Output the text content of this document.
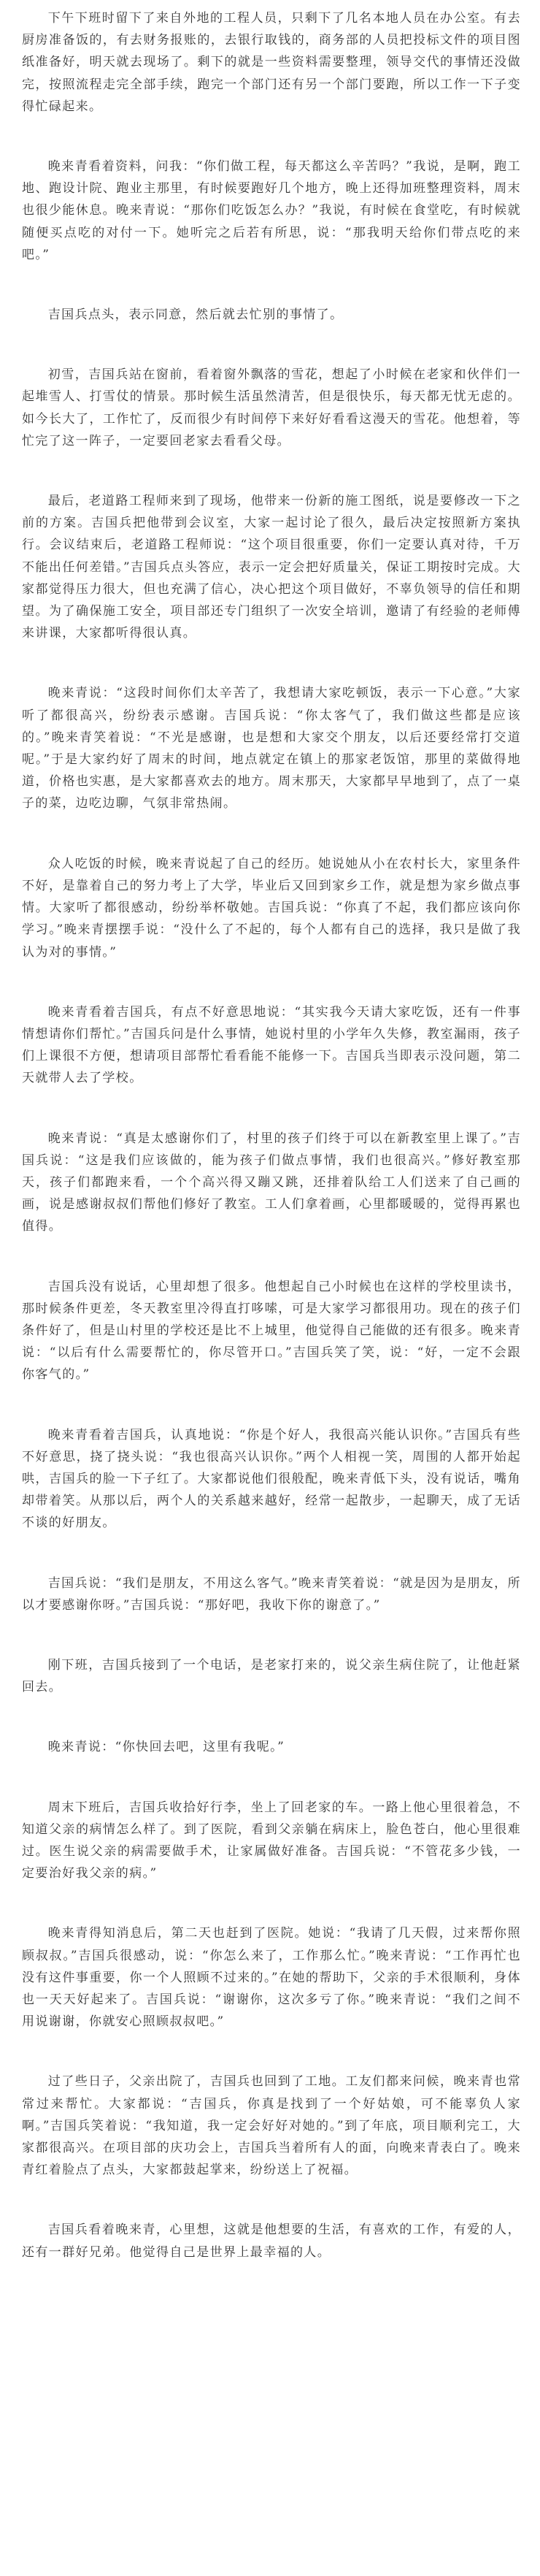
下午下班时留下了来自外地的工程人员，只剩下了几名本地人员在办公室。有去厨房准备饭的，有去财务报账的，去银行取钱的，商务部的人员把投标文件的项目图纸准备好，明天就去现场了。剩下的就是一些资料需要整理，领导交代的事情还没做完，按照流程走完全部手续，跑完一个部门还有另一个部门要跑，所以工作一下子变得忙碌起来。

晚来青看着资料，问我：“你们做工程，每天都这么辛苦吗？”我说，是啊，跑工地、跑设计院、跑业主那里，有时候要跑好几个地方，晚上还得加班整理资料，周末也很少能休息。晚来青说：“那你们吃饭怎么办？”我说，有时候在食堂吃，有时候就随便买点吃的对付一下。她听完之后若有所思，说：“那我明天给你们带点吃的来吧。”

吉国兵点头，表示同意，然后就去忙别的事情了。

初雪，吉国兵站在窗前，看着窗外飘落的雪花，想起了小时候在老家和伙伴们一起堆雪人、打雪仗的情景。那时候生活虽然清苦，但是很快乐，每天都无忧无虑的。如今长大了，工作忙了，反而很少有时间停下来好好看看这漫天的雪花。他想着，等忙完了这一阵子，一定要回老家去看看父母。

最后，老道路工程师来到了现场，他带来一份新的施工图纸，说是要修改一下之前的方案。吉国兵把他带到会议室，大家一起讨论了很久，最后决定按照新方案执行。会议结束后，老道路工程师说：“这个项目很重要，你们一定要认真对待，千万不能出任何差错。”吉国兵点头答应，表示一定会把好质量关，保证工期按时完成。大家都觉得压力很大，但也充满了信心，决心把这个项目做好，不辜负领导的信任和期望。为了确保施工安全，项目部还专门组织了一次安全培训，邀请了有经验的老师傅来讲课，大家都听得很认真。

晚来青说：“这段时间你们太辛苦了，我想请大家吃顿饭，表示一下心意。”大家听了都很高兴，纷纷表示感谢。吉国兵说：“你太客气了，我们做这些都是应该的。”晚来青笑着说：“不光是感谢，也是想和大家交个朋友，以后还要经常打交道呢。”于是大家约好了周末的时间，地点就定在镇上的那家老饭馆，那里的菜做得地道，价格也实惠，是大家都喜欢去的地方。周末那天，大家都早早地到了，点了一桌子的菜，边吃边聊，气氛非常热闹。

众人吃饭的时候，晚来青说起了自己的经历。她说她从小在农村长大，家里条件不好，是靠着自己的努力考上了大学，毕业后又回到家乡工作，就是想为家乡做点事情。大家听了都很感动，纷纷举杯敬她。吉国兵说：“你真了不起，我们都应该向你学习。”晚来青摆摆手说：“没什么了不起的，每个人都有自己的选择，我只是做了我认为对的事情。”

晚来青看着吉国兵，有点不好意思地说：“其实我今天请大家吃饭，还有一件事情想请你们帮忙。”吉国兵问是什么事情，她说村里的小学年久失修，教室漏雨，孩子们上课很不方便，想请项目部帮忙看看能不能修一下。吉国兵当即表示没问题，第二天就带人去了学校。

晚来青说：“真是太感谢你们了，村里的孩子们终于可以在新教室里上课了。”吉国兵说：“这是我们应该做的，能为孩子们做点事情，我们也很高兴。”修好教室那天，孩子们都跑来看，一个个高兴得又蹦又跳，还排着队给工人们送来了自己画的画，说是感谢叔叔们帮他们修好了教室。工人们拿着画，心里都暖暖的，觉得再累也值得。

吉国兵没有说话，心里却想了很多。他想起自己小时候也在这样的学校里读书，那时候条件更差，冬天教室里冷得直打哆嗦，可是大家学习都很用功。现在的孩子们条件好了，但是山村里的学校还是比不上城里，他觉得自己能做的还有很多。晚来青说：“以后有什么需要帮忙的，你尽管开口。”吉国兵笑了笑，说：“好，一定不会跟你客气的。”

晚来青看着吉国兵，认真地说：“你是个好人，我很高兴能认识你。”吉国兵有些不好意思，挠了挠头说：“我也很高兴认识你。”两个人相视一笑，周围的人都开始起哄，吉国兵的脸一下子红了。大家都说他们很般配，晚来青低下头，没有说话，嘴角却带着笑。从那以后，两个人的关系越来越好，经常一起散步，一起聊天，成了无话不谈的好朋友。

吉国兵说：“我们是朋友，不用这么客气。”晚来青笑着说：“就是因为是朋友，所以才要感谢你呀。”吉国兵说：“那好吧，我收下你的谢意了。”

刚下班，吉国兵接到了一个电话，是老家打来的，说父亲生病住院了，让他赶紧回去。

晚来青说：“你快回去吧，这里有我呢。”

周末下班后，吉国兵收拾好行李，坐上了回老家的车。一路上他心里很着急，不知道父亲的病情怎么样了。到了医院，看到父亲躺在病床上，脸色苍白，他心里很难过。医生说父亲的病需要做手术，让家属做好准备。吉国兵说：“不管花多少钱，一定要治好我父亲的病。”

晚来青得知消息后，第二天也赶到了医院。她说：“我请了几天假，过来帮你照顾叔叔。”吉国兵很感动，说：“你怎么来了，工作那么忙。”晚来青说：“工作再忙也没有这件事重要，你一个人照顾不过来的。”在她的帮助下，父亲的手术很顺利，身体也一天天好起来了。吉国兵说：“谢谢你，这次多亏了你。”晚来青说：“我们之间不用说谢谢，你就安心照顾叔叔吧。”

过了些日子，父亲出院了，吉国兵也回到了工地。工友们都来问候，晚来青也常常过来帮忙。大家都说：“吉国兵，你真是找到了一个好姑娘，可不能辜负人家啊。”吉国兵笑着说：“我知道，我一定会好好对她的。”到了年底，项目顺利完工，大家都很高兴。在项目部的庆功会上，吉国兵当着所有人的面，向晚来青表白了。晚来青红着脸点了点头，大家都鼓起掌来，纷纷送上了祝福。

吉国兵看着晚来青，心里想，这就是他想要的生活，有喜欢的工作，有爱的人，还有一群好兄弟。他觉得自己是世界上最幸福的人。
